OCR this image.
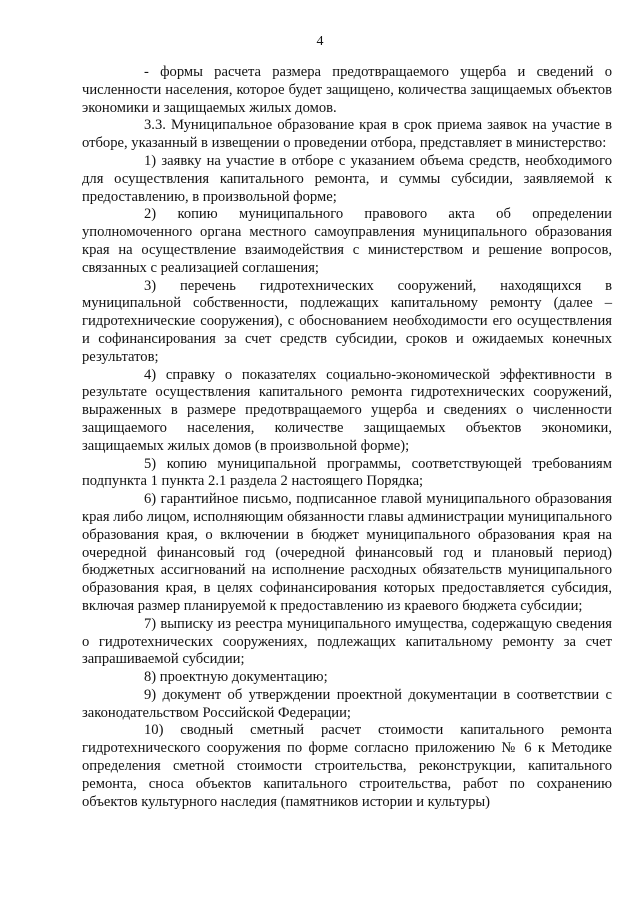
4

- формы расчета размера предотвращаемого ущерба и сведений о численности населения, которое будет защищено, количества защищаемых объектов экономики и защищаемых жилых домов.

3.3. Муниципальное образование края в срок приема заявок на участие в отборе, указанный в извещении о проведении отбора, представляет в министерство:

1) заявку на участие в отборе с указанием объема средств, необходимого для осуществления капитального ремонта, и суммы субсидии, заявляемой к предоставлению, в произвольной форме;

2) копию муниципального правового акта об определении уполномоченного органа местного самоуправления муниципального образования края на осуществление взаимодействия с министерством и решение вопросов, связанных с реализацией соглашения;

3) перечень гидротехнических сооружений, находящихся в муниципальной собственности, подлежащих капитальному ремонту (далее – гидротехнические сооружения), с обоснованием необходимости его осуществления и софинансирования за счет средств субсидии, сроков и ожидаемых конечных результатов;

4) справку о показателях социально-экономической эффективности в результате осуществления капитального ремонта гидротехнических сооружений, выраженных в размере предотвращаемого ущерба и сведениях о численности защищаемого населения, количестве защищаемых объектов экономики, защищаемых жилых домов (в произвольной форме);

5) копию муниципальной программы, соответствующей требованиям подпункта 1 пункта 2.1 раздела 2 настоящего Порядка;

6) гарантийное письмо, подписанное главой муниципального образования края либо лицом, исполняющим обязанности главы администрации муниципального образования края, о включении в бюджет муниципального образования края на очередной финансовый год (очередной финансовый год и плановый период) бюджетных ассигнований на исполнение расходных обязательств муниципального образования края, в целях софинансирования которых предоставляется субсидия, включая размер планируемой к предоставлению из краевого бюджета субсидии;

7) выписку из реестра муниципального имущества, содержащую сведения о гидротехнических сооружениях, подлежащих капитальному ремонту за счет запрашиваемой субсидии;

8) проектную документацию;

9) документ об утверждении проектной документации в соответствии с законодательством Российской Федерации;

10) сводный сметный расчет стоимости капитального ремонта гидротехнического сооружения по форме согласно приложению № 6 к Методике определения сметной стоимости строительства, реконструкции, капитального ремонта, сноса объектов капитального строительства, работ по сохранению объектов культурного наследия (памятников истории и культуры)
